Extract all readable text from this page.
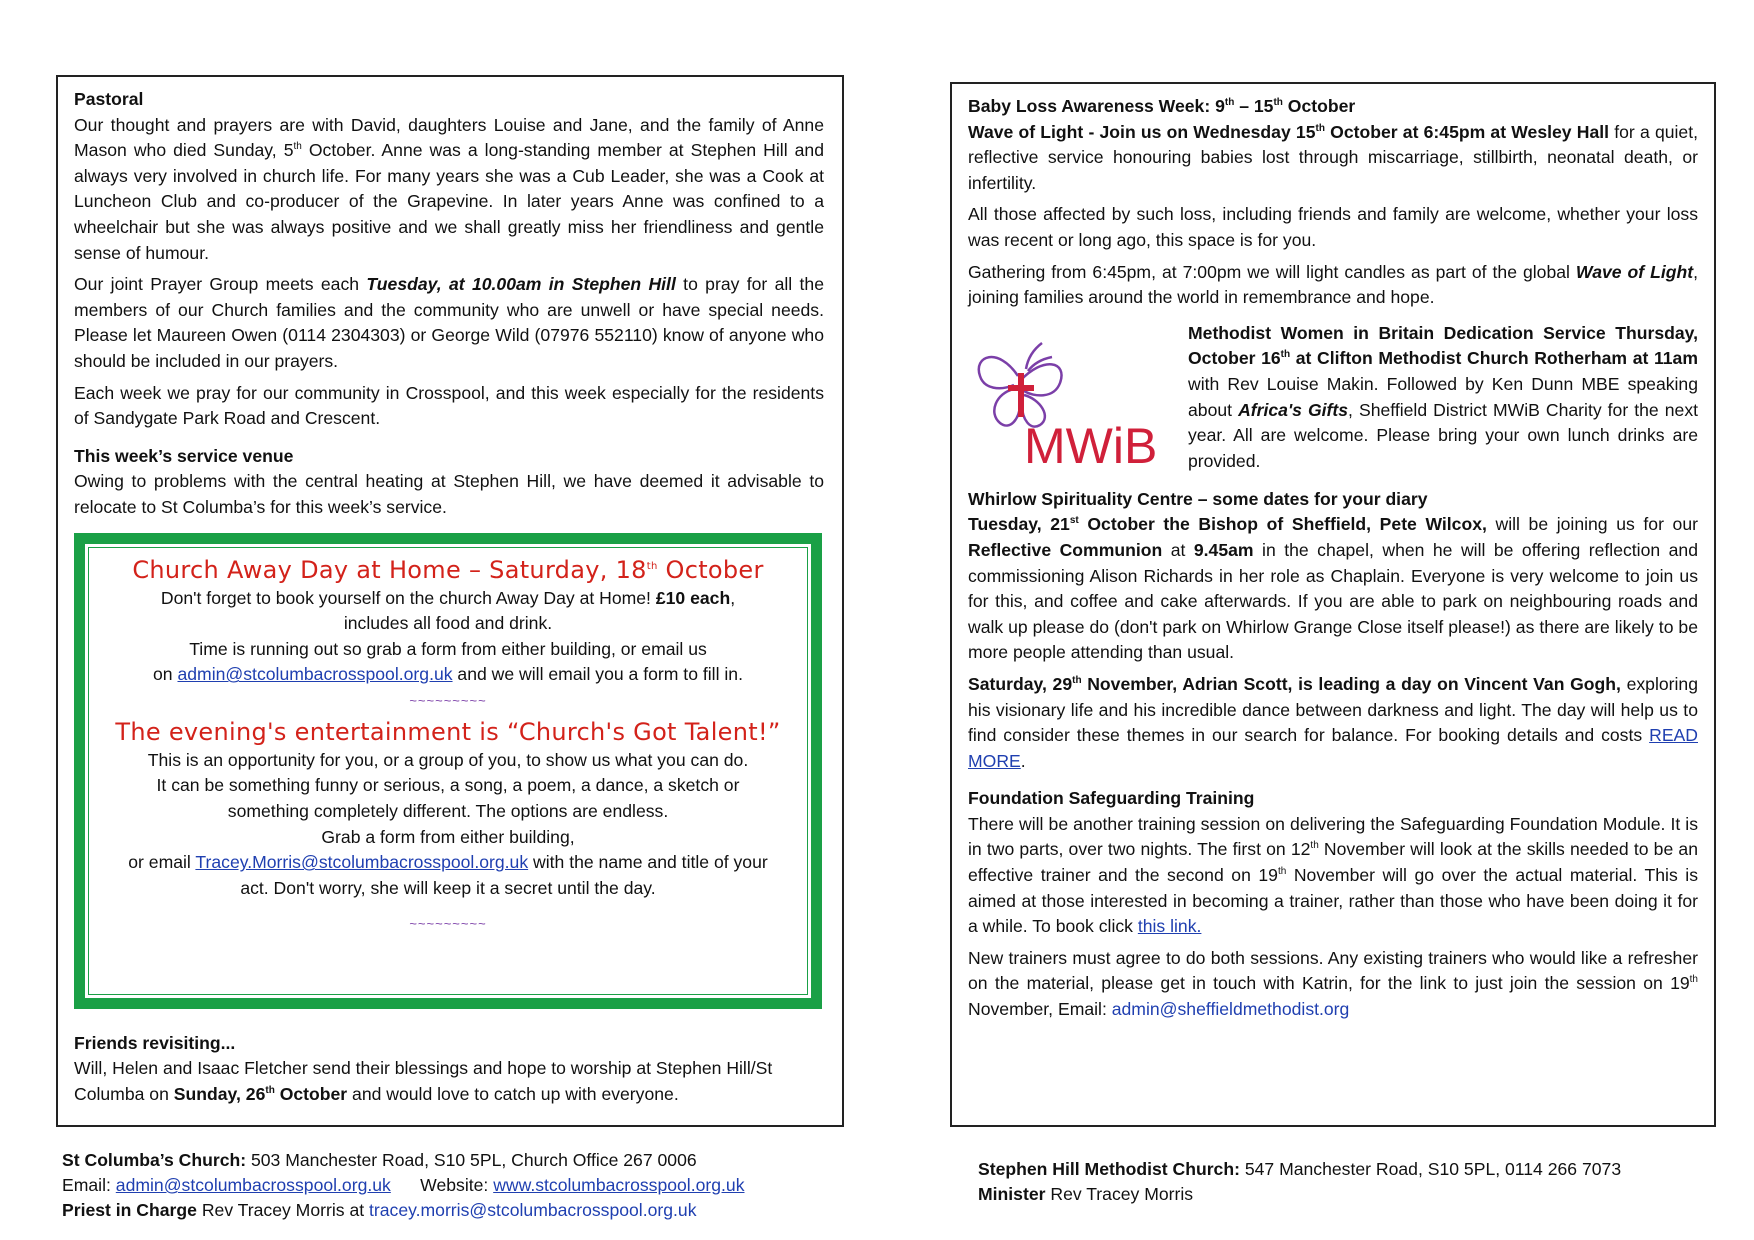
Pastoral

Our thought and prayers are with David, daughters Louise and Jane, and the family of Anne Mason who died Sunday, 5th October. Anne was a long-standing member at Stephen Hill and always very involved in church life. For many years she was a Cub Leader, she was a Cook at Luncheon Club and co-producer of the Grapevine. In later years Anne was confined to a wheelchair but she was always positive and we shall greatly miss her friendliness and gentle sense of humour.

Our joint Prayer Group meets each Tuesday, at 10.00am in Stephen Hill to pray for all the members of our Church families and the community who are unwell or have special needs. Please let Maureen Owen (0114 2304303) or George Wild (07976 552110) know of anyone who should be included in our prayers.

Each week we pray for our community in Crosspool, and this week especially for the residents of Sandygate Park Road and Crescent.

This week’s service venue

Owing to problems with the central heating at Stephen Hill, we have deemed it advisable to relocate to St Columba’s for this week’s service.

Church Away Day at Home – Saturday, 18th October

Don't forget to book yourself on the church Away Day at Home! £10 each,

includes all food and drink.

Time is running out so grab a form from either building, or email us

on admin@stcolumbacrosspool.org.uk and we will email you a form to fill in.

~~~~~~~~~

The evening's entertainment is “Church's Got Talent!”

This is an opportunity for you, or a group of you, to show us what you can do.

It can be something funny or serious, a song, a poem, a dance, a sketch or

something completely different. The options are endless.

Grab a form from either building,

or email Tracey.Morris@stcolumbacrosspool.org.uk with the name and title of your

act. Don't worry, she will keep it a secret until the day.

~~~~~~~~~

Friends revisiting...

Will, Helen and Isaac Fletcher send their blessings and hope to worship at Stephen Hill/St Columba on Sunday, 26th October and would love to catch up with everyone.

Baby Loss Awareness Week: 9th – 15th October

Wave of Light - Join us on Wednesday 15th October at 6:45pm at Wesley Hall for a quiet, reflective service honouring babies lost through miscarriage, stillbirth, neonatal death, or infertility.

All those affected by such loss, including friends and family are welcome, whether your loss was recent or long ago, this space is for you.

Gathering from 6:45pm, at 7:00pm we will light candles as part of the global Wave of Light, joining families around the world in remembrance and hope.

MWiB

Methodist Women in Britain Dedication Service Thursday, October 16th at Clifton Methodist Church Rotherham at 11am with Rev Louise Makin. Followed by Ken Dunn MBE speaking about Africa's Gifts, Sheffield District MWiB Charity for the next year. All are welcome. Please bring your own lunch drinks are provided.

Whirlow Spirituality Centre – some dates for your diary

Tuesday, 21st October the Bishop of Sheffield, Pete Wilcox, will be joining us for our Reflective Communion at 9.45am in the chapel, when he will be offering reflection and commissioning Alison Richards in her role as Chaplain. Everyone is very welcome to join us for this, and coffee and cake afterwards. If you are able to park on neighbouring roads and walk up please do (don't park on Whirlow Grange Close itself please!) as there are likely to be more people attending than usual.

Saturday, 29th November, Adrian Scott, is leading a day on Vincent Van Gogh, exploring his visionary life and his incredible dance between darkness and light. The day will help us to find consider these themes in our search for balance. For booking details and costs READ MORE.

Foundation Safeguarding Training

There will be another training session on delivering the Safeguarding Foundation Module. It is in two parts, over two nights. The first on 12th November will look at the skills needed to be an effective trainer and the second on 19th November will go over the actual material. This is aimed at those interested in becoming a trainer, rather than those who have been doing it for a while. To book click this link.

New trainers must agree to do both sessions. Any existing trainers who would like a refresher on the material, please get in touch with Katrin, for the link to just join the session on 19th November, Email: admin@sheffieldmethodist.org

St Columba’s Church: 503 Manchester Road, S10 5PL, Church Office 267 0006
Email: admin@stcolumbacrosspool.org.uk      Website: www.stcolumbacrosspool.org.uk
Priest in Charge Rev Tracey Morris at tracey.morris@stcolumbacrosspool.org.uk
Stephen Hill Methodist Church: 547 Manchester Road, S10 5PL, 0114 266 7073
Minister Rev Tracey Morris
